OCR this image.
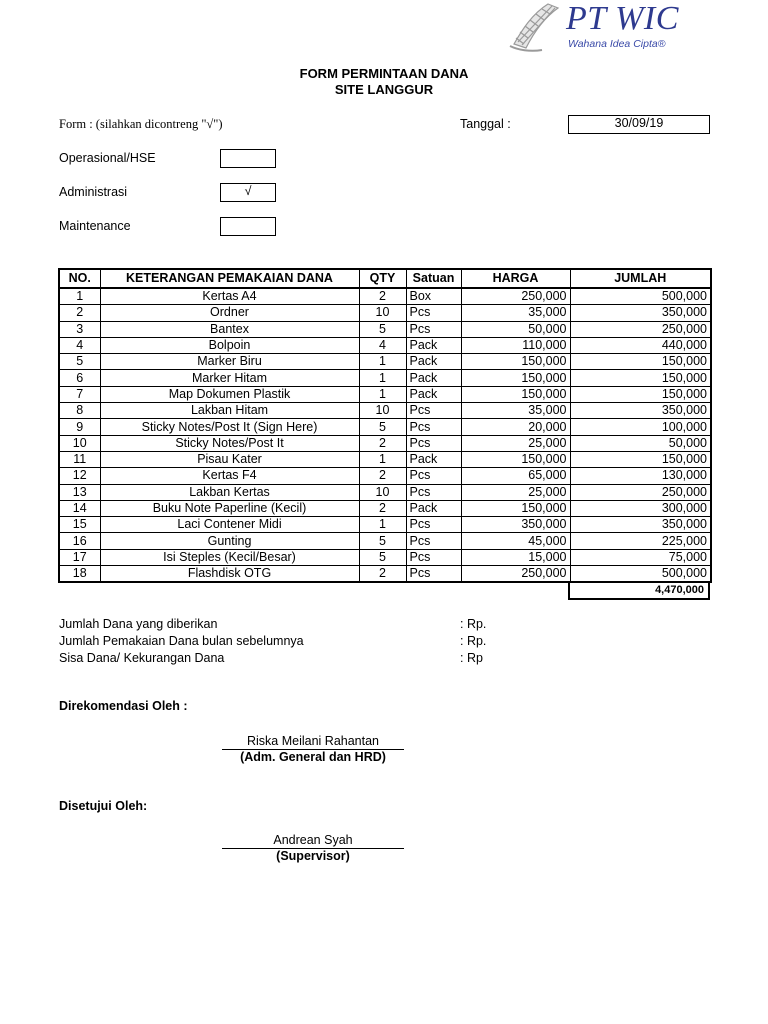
PT WIC
Wahana Idea Cipta®
FORM PERMINTAAN DANA
SITE LANGGUR
Form : (silahkan dicontreng "√")	Tanggal :	30/09/19
Operasional/HSE
Administrasi	√
Maintenance
NO.	KETERANGAN PEMAKAIAN DANA	QTY	Satuan	HARGA	JUMLAH
1	Kertas A4	2	Box	250,000	500,000
2	Ordner	10	Pcs	35,000	350,000
3	Bantex	5	Pcs	50,000	250,000
4	Bolpoin	4	Pack	110,000	440,000
5	Marker Biru	1	Pack	150,000	150,000
6	Marker Hitam	1	Pack	150,000	150,000
7	Map Dokumen Plastik	1	Pack	150,000	150,000
8	Lakban Hitam	10	Pcs	35,000	350,000
9	Sticky Notes/Post It (Sign Here)	5	Pcs	20,000	100,000
10	Sticky Notes/Post It	2	Pcs	25,000	50,000
11	Pisau Kater	1	Pack	150,000	150,000
12	Kertas F4	2	Pcs	65,000	130,000
13	Lakban Kertas	10	Pcs	25,000	250,000
14	Buku Note Paperline (Kecil)	2	Pack	150,000	300,000
15	Laci Contener Midi	1	Pcs	350,000	350,000
16	Gunting	5	Pcs	45,000	225,000
17	Isi Steples (Kecil/Besar)	5	Pcs	15,000	75,000
18	Flashdisk OTG	2	Pcs	250,000	500,000
4,470,000
Jumlah Dana yang diberikan	: Rp.
Jumlah Pemakaian Dana bulan sebelumnya	: Rp.
Sisa Dana/ Kekurangan Dana	: Rp
Direkomendasi Oleh :
Riska Meilani Rahantan
(Adm. General dan HRD)
Disetujui Oleh:
Andrean Syah
(Supervisor)
